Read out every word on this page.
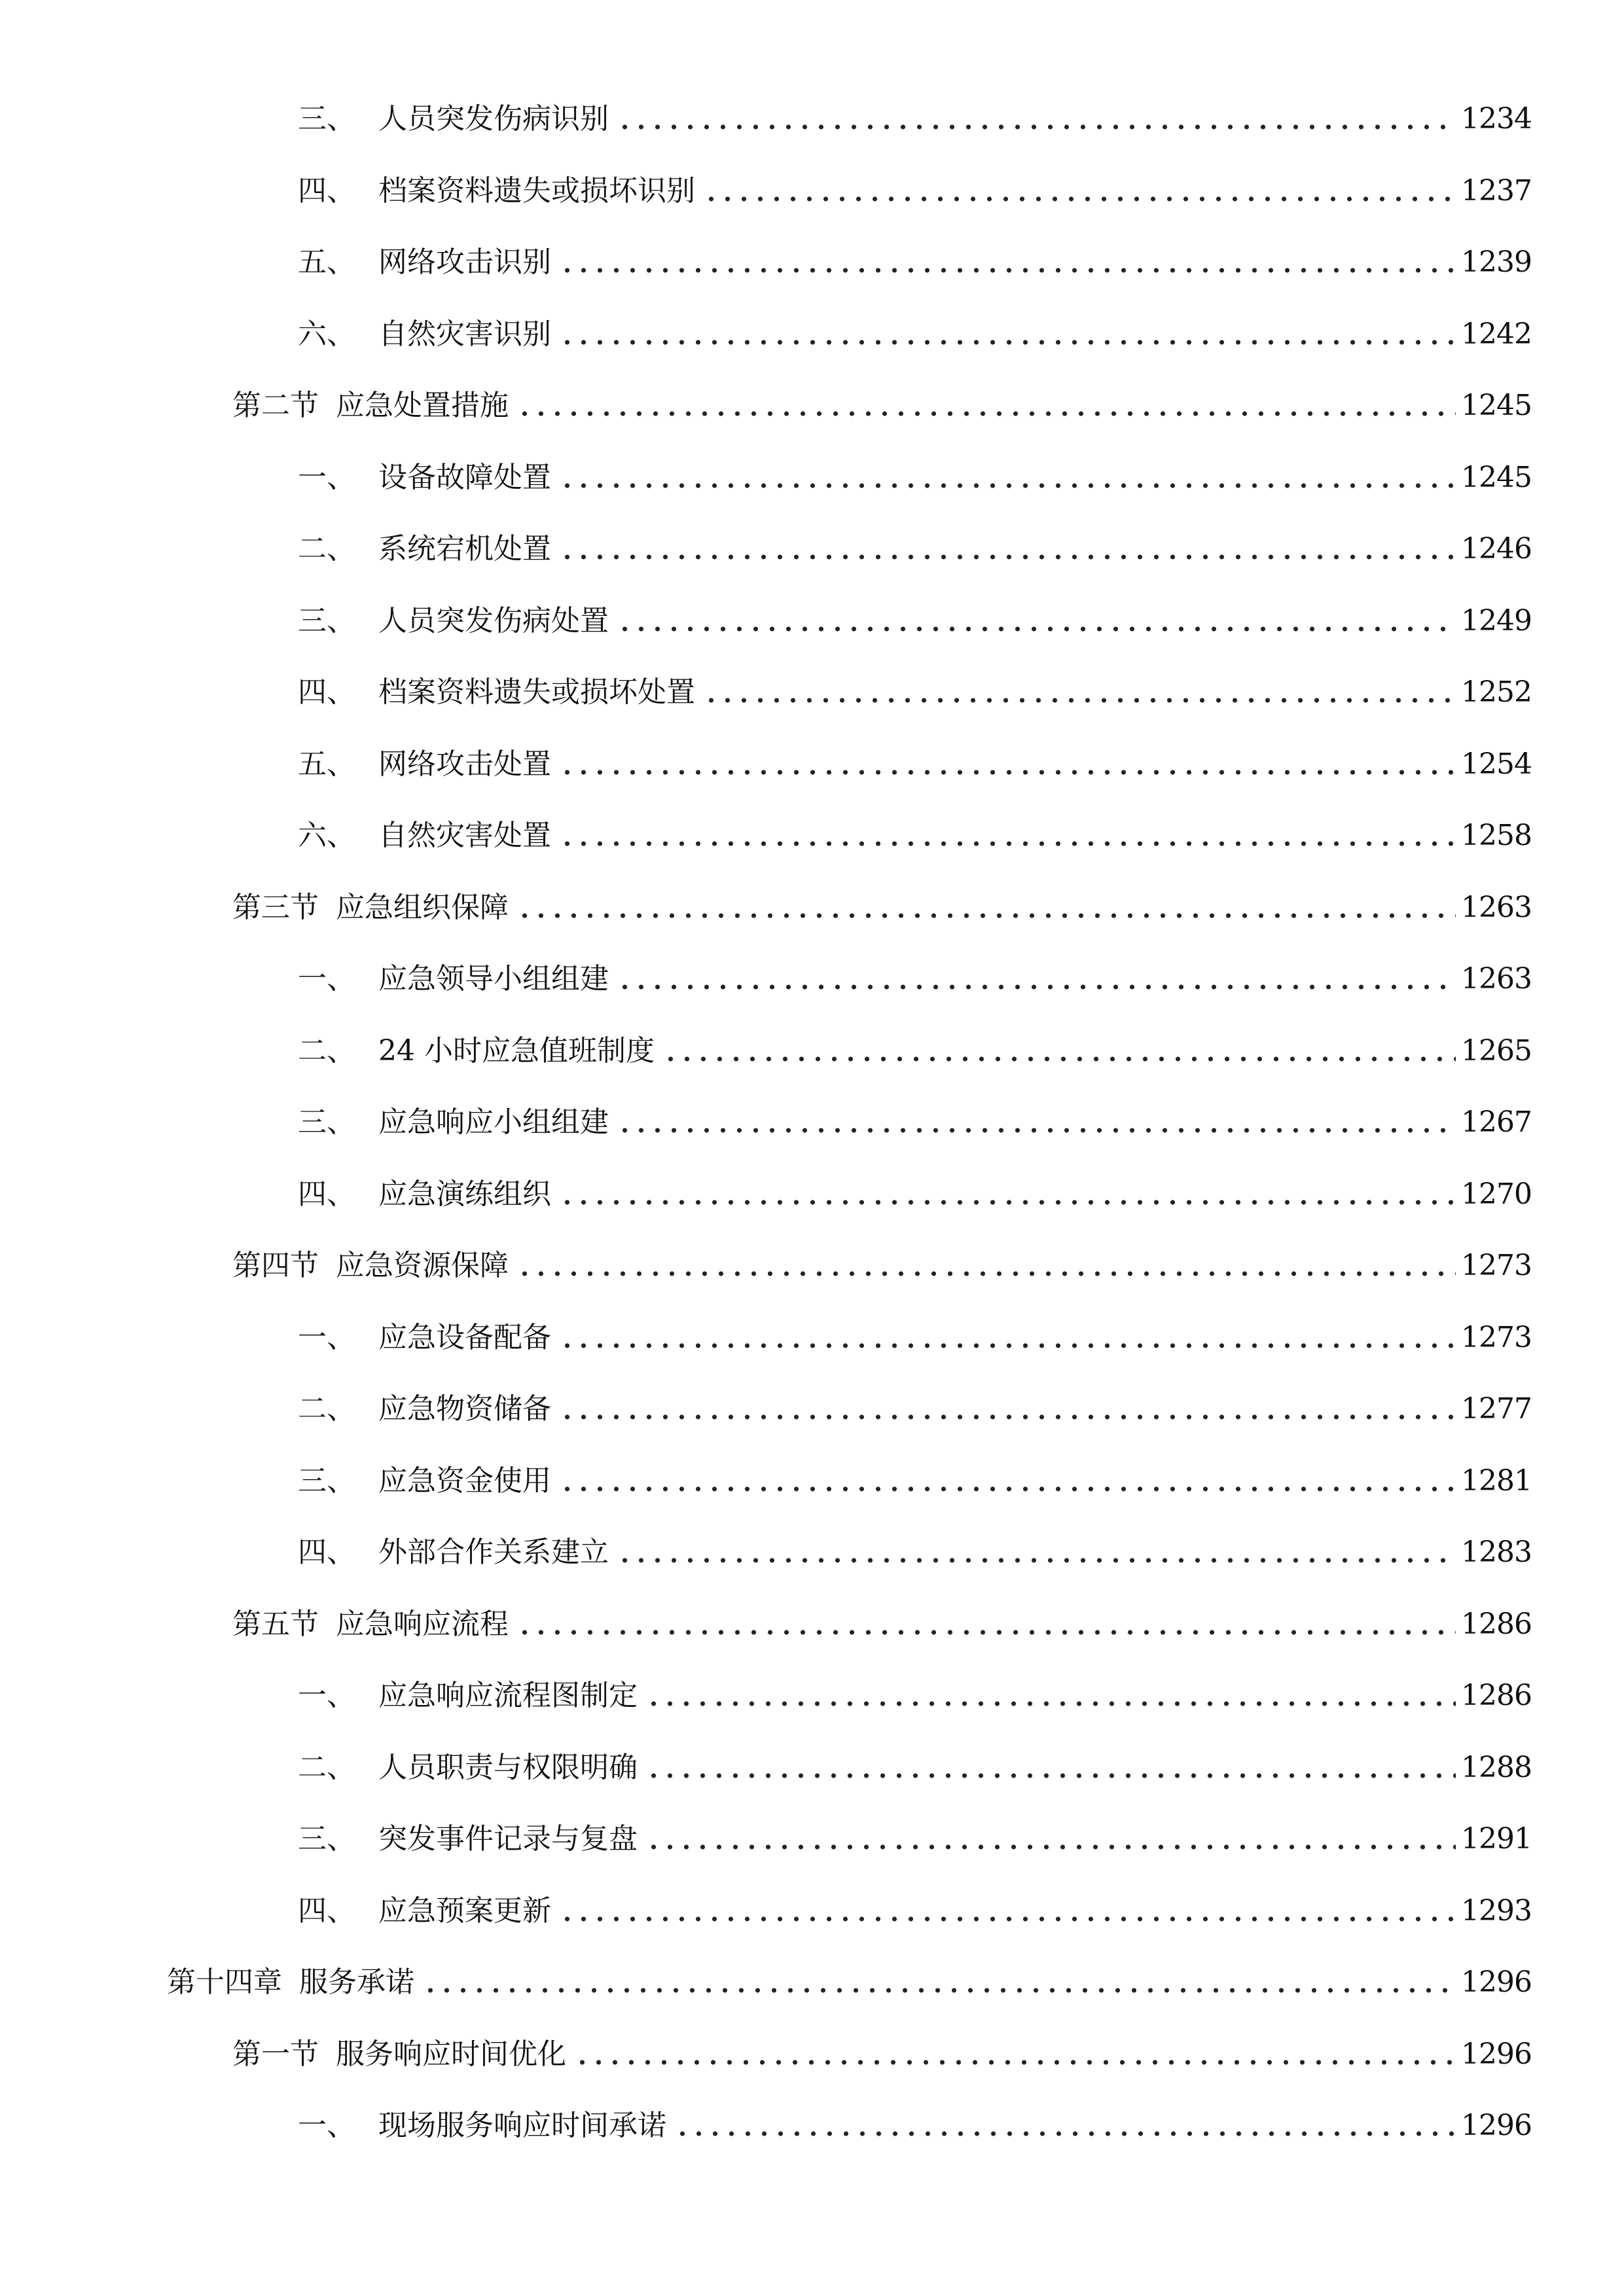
三、 人员突发伤病识别	1234
四、 档案资料遗失或损坏识别	1237
五、 网络攻击识别	1239
六、 自然灾害识别	1242
第二节 应急处置措施	1245
一、 设备故障处置	1245
二、 系统宕机处置	1246
三、 人员突发伤病处置	1249
四、 档案资料遗失或损坏处置	1252
五、 网络攻击处置	1254
六、 自然灾害处置	1258
第三节 应急组织保障	1263
一、 应急领导小组组建	1263
二、 24 小时应急值班制度	1265
三、 应急响应小组组建	1267
四、 应急演练组织	1270
第四节 应急资源保障	1273
一、 应急设备配备	1273
二、 应急物资储备	1277
三、 应急资金使用	1281
四、 外部合作关系建立	1283
第五节 应急响应流程	1286
一、 应急响应流程图制定	1286
二、 人员职责与权限明确	1288
三、 突发事件记录与复盘	1291
四、 应急预案更新	1293
第十四章 服务承诺	1296
第一节 服务响应时间优化	1296
一、 现场服务响应时间承诺	1296
